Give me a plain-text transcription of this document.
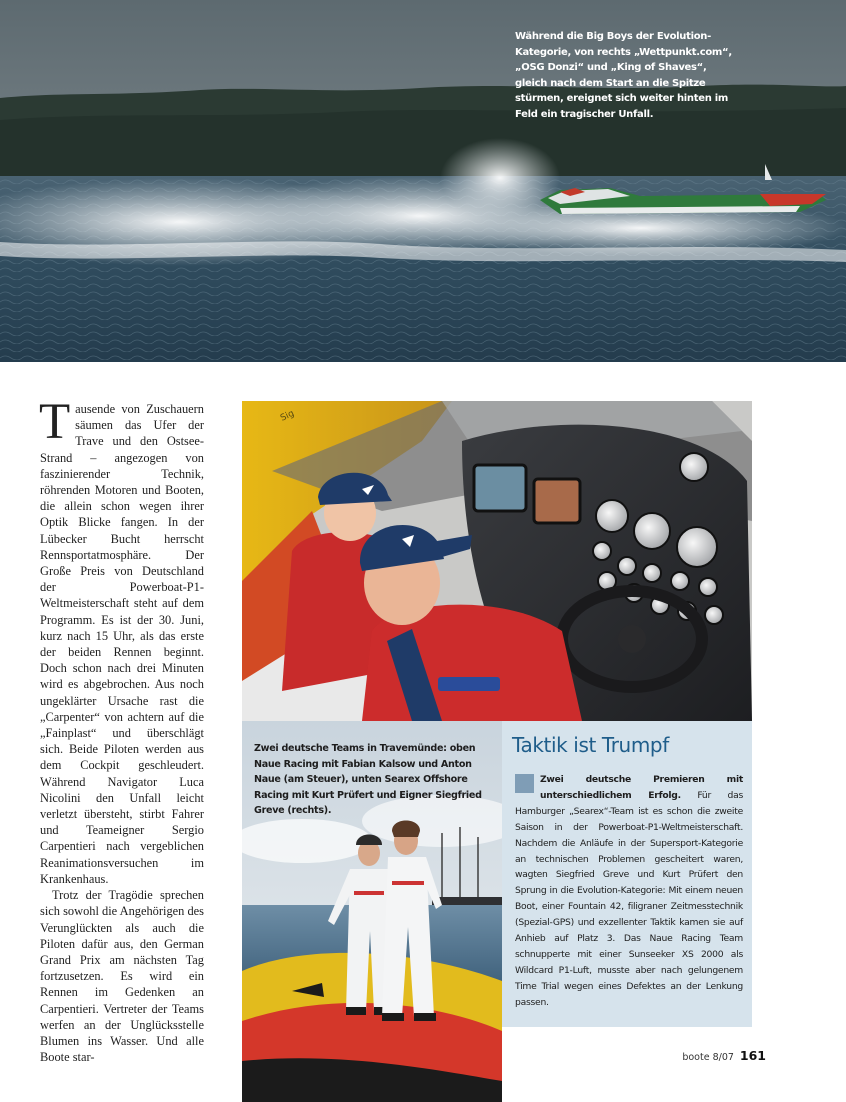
Während die Big Boys der Evolution-Kategorie, von rechts „Wettpunkt.com“, „OSG Donzi“ und „King of Shaves“, gleich nach dem Start an die Spitze stürmen, ereignet sich weiter hinten im Feld ein tragischer Unfall.

Tausende von Zuschauern säumen das Ufer der Trave und den Ostsee-Strand – angezogen von faszinierender Technik, röhrenden Motoren und Booten, die allein schon wegen ihrer Optik Blicke fangen. In der Lübecker Bucht herrscht Rennsportatmosphäre. Der Große Preis von Deutschland der Powerboat-P1-Weltmeisterschaft steht auf dem Programm. Es ist der 30. Juni, kurz nach 15 Uhr, als das erste der beiden Rennen beginnt. Doch schon nach drei Minuten wird es abgebrochen. Aus noch ungeklärter Ursache rast die „Carpenter“ von achtern auf die „Fainplast“ und überschlägt sich. Beide Piloten werden aus dem Cockpit geschleudert. Während Navigator Luca Nicolini den Unfall leicht verletzt übersteht, stirbt Fahrer und Teameigner Sergio Carpentieri nach vergeblichen Reanimationsversuchen im Krankenhaus.

Trotz der Tragödie sprechen sich sowohl die Angehörigen des Verunglückten als auch die Piloten dafür aus, den German Grand Prix am nächsten Tag fortzusetzen. Es wird ein Rennen im Gedenken an Carpentieri. Vertreter der Teams werfen an der Unglücksstelle Blumen ins Wasser. Und alle Boote star-

Sig
Zwei deutsche Teams in Travemünde: oben Naue Racing mit Fabian Kalsow und Anton Naue (am Steuer), unten Searex Offshore Racing mit Kurt Prüfert und Eigner Siegfried Greve (rechts).
Taktik ist Trumpf
Zwei deutsche Premieren mit unterschiedlichem Erfolg. Für das Hamburger „Searex“-Team ist es schon die zweite Saison in der Powerboat-P1-Weltmeisterschaft. Nachdem die Anläufe in der Supersport-Kategorie an technischen Problemen gescheitert waren, wagten Siegfried Greve und Kurt Prüfert den Sprung in die Evolution-Kategorie: Mit einem neuen Boot, einer Fountain 42, filigraner Zeitmesstechnik (Spezial-GPS) und exzellenter Taktik kamen sie auf Anhieb auf Platz 3. Das Naue Racing Team schnupperte mit einer Sunseeker XS 2000 als Wildcard P1-Luft, musste aber nach gelungenem Time Trial wegen eines Defektes an der Lenkung passen.
boote 8/07 161
